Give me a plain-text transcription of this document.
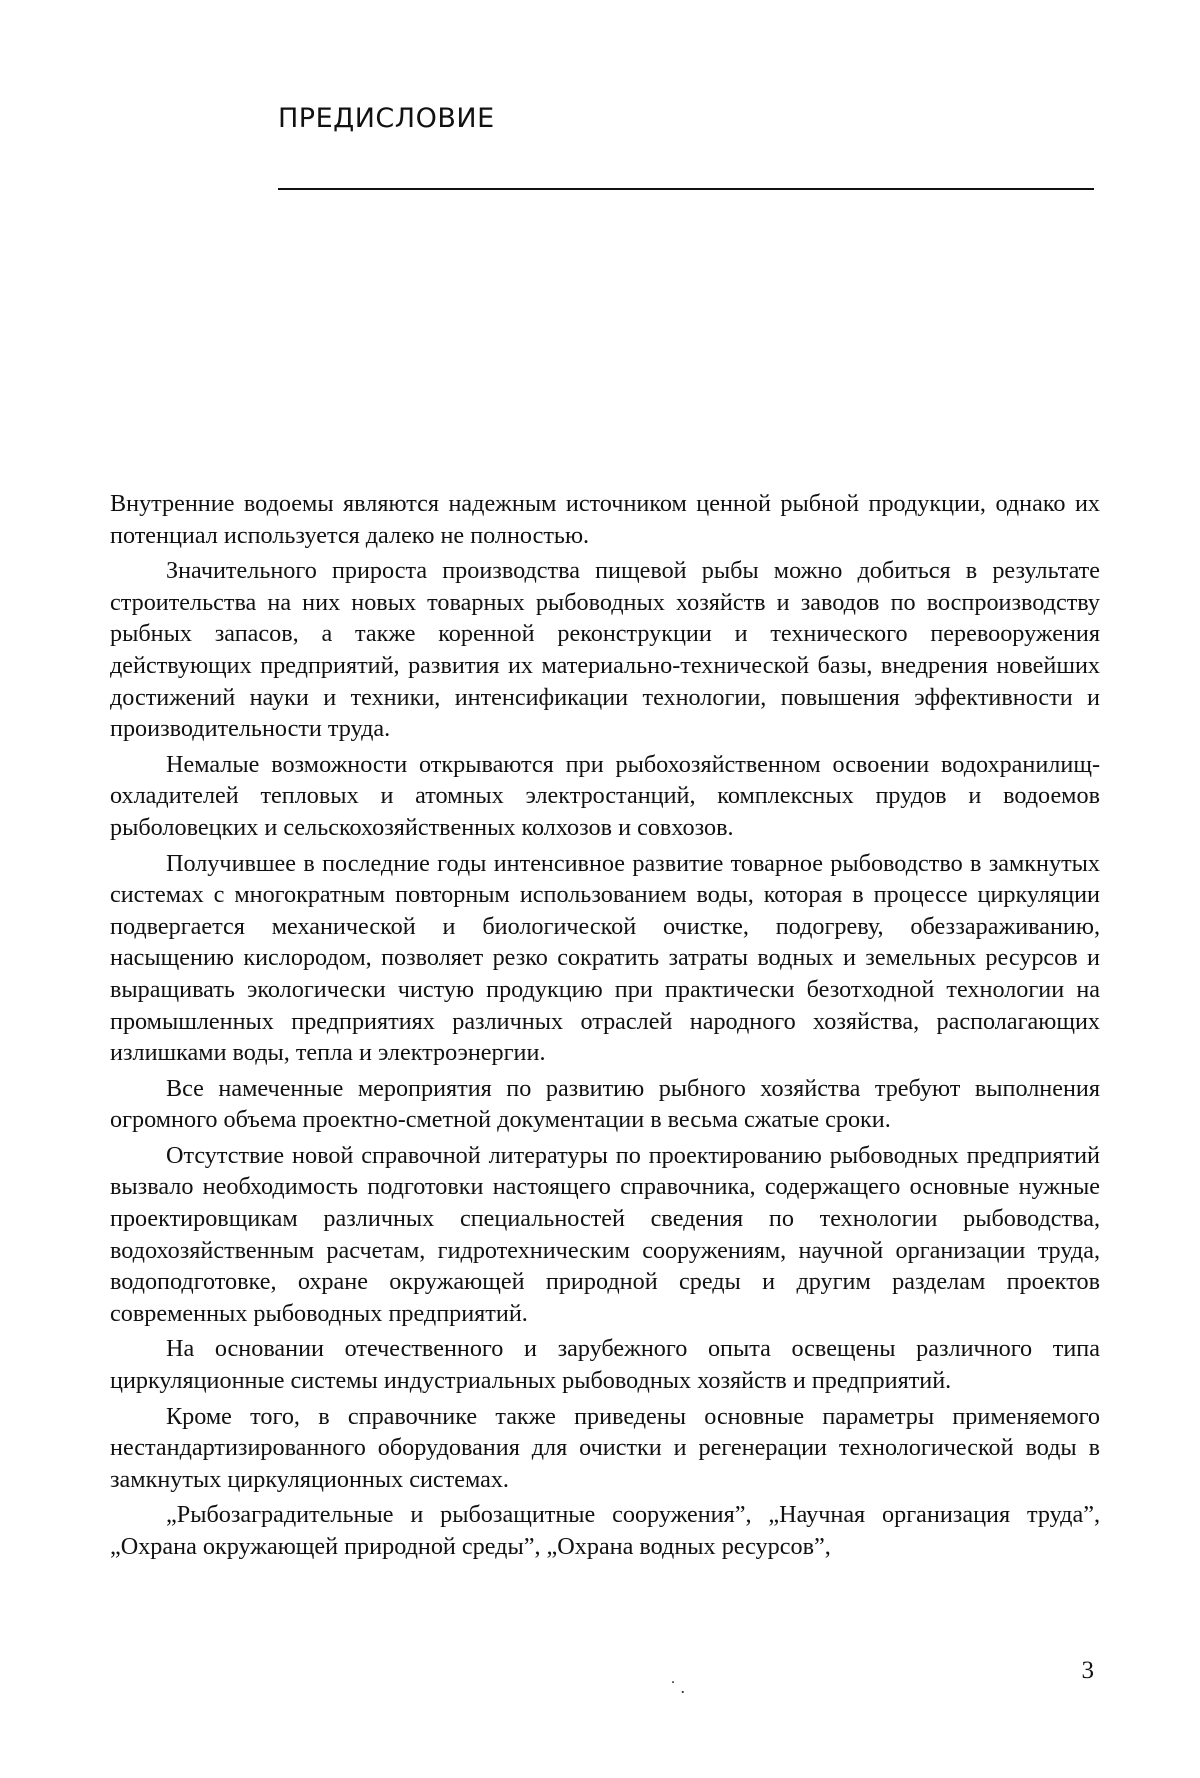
ПРЕДИСЛОВИЕ

Внутренние водоемы являются надежным источником ценной рыбной продукции, однако их потенциал используется далеко не полностью.

Значительного прироста производства пищевой рыбы можно добиться в результате строительства на них новых товарных рыбоводных хозяйств и заводов по воспроизводству рыбных запасов, а также коренной реконструкции и технического перевооружения действующих предприятий, развития их материально-технической базы, внедрения новейших достижений науки и техники, интенсификации технологии, повышения эффективности и производительности труда.

Немалые возможности открываются при рыбохозяйственном освоении водохранилищ-охладителей тепловых и атомных электростанций, комплексных прудов и водоемов рыболовецких и сельскохозяйственных колхозов и совхозов.

Получившее в последние годы интенсивное развитие товарное рыбоводство в замкнутых системах с многократным повторным использованием воды, которая в процессе циркуляции подвергается механической и биологической очистке, подогреву, обеззараживанию, насыщению кислородом, позволяет резко сократить затраты водных и земельных ресурсов и выращивать экологически чистую продукцию при практически безотходной технологии на промышленных предприятиях различных отраслей народного хозяйства, располагающих излишками воды, тепла и электроэнергии.

Все намеченные мероприятия по развитию рыбного хозяйства требуют выполнения огромного объема проектно-сметной документации в весьма сжатые сроки.

Отсутствие новой справочной литературы по проектированию рыбоводных предприятий вызвало необходимость подготовки настоящего справочника, содержащего основные нужные проектировщикам различных специальностей сведения по технологии рыбоводства, водохозяйственным расчетам, гидротехническим сооружениям, научной организации труда, водоподготовке, охране окружающей природной среды и другим разделам проектов современных рыбоводных предприятий.

На основании отечественного и зарубежного опыта освещены различного типа циркуляционные системы индустриальных рыбоводных хозяйств и предприятий.

Кроме того, в справочнике также приведены основные параметры применяемого нестандартизированного оборудования для очистки и регенерации технологической воды в замкнутых циркуляционных системах.

„Рыбозаградительные и рыбозащитные сооружения”, „Научная организация труда”, „Охрана окружающей природной среды”, „Охрана водных ресурсов”,

˙ .
3
